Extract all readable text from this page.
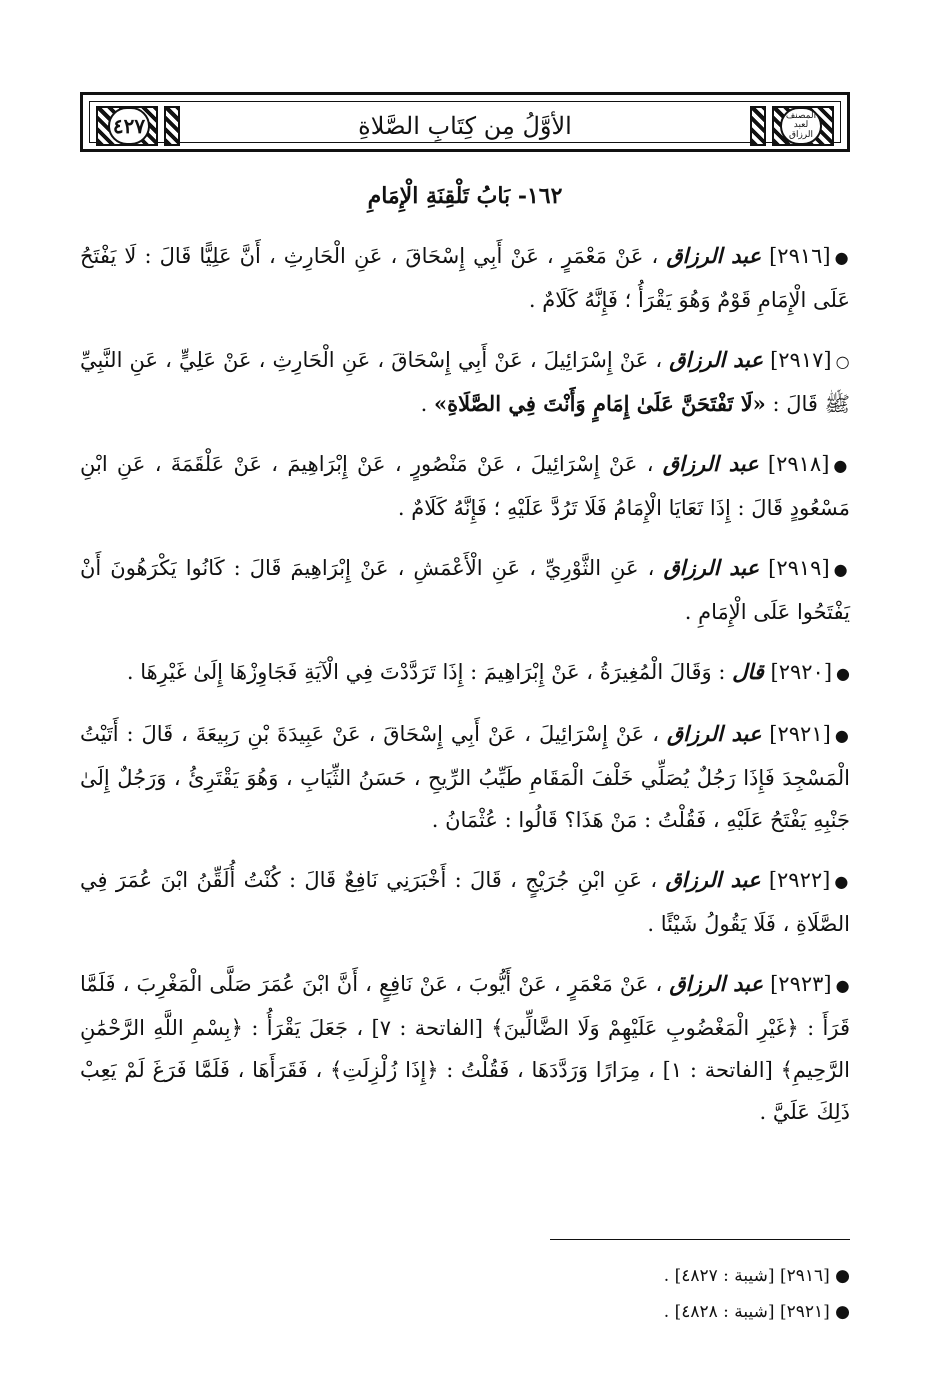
٤٢٧	المصنف لعبد الرزاق
الأوَّلُ مِن كِتَابِ الصَّلاةِ
١٦٢- بَابُ تَلْقِنَةِ الْإِمَامِ

●[٢٩١٦] عبد الرزاق ، عَنْ مَعْمَرٍ ، عَنْ أَبِي إِسْحَاقَ ، عَنِ الْحَارِثِ ، أَنَّ عَلِيًّا قَالَ : لَا يَفْتَحُ عَلَى الْإِمَامِ قَوْمٌ وَهُوَ يَقْرَأُ ؛ فَإِنَّهُ كَلَامٌ .

○[٢٩١٧] عبد الرزاق ، عَنْ إِسْرَائِيلَ ، عَنْ أَبِي إِسْحَاقَ ، عَنِ الْحَارِثِ ، عَنْ عَلِيٍّ ، عَنِ النَّبِيِّ ﷺ قَالَ : «لَا تَفْتَحَنَّ عَلَىٰ إِمَامٍ وَأَنْتَ فِي الصَّلَاةِ» .

●[٢٩١٨] عبد الرزاق ، عَنْ إِسْرَائِيلَ ، عَنْ مَنْصُورٍ ، عَنْ إِبْرَاهِيمَ ، عَنْ عَلْقَمَةَ ، عَنِ ابْنِ مَسْعُودٍ قَالَ : إِذَا تَعَايَا الْإِمَامُ فَلَا تَرُدَّ عَلَيْهِ ؛ فَإِنَّهُ كَلَامٌ .

●[٢٩١٩] عبد الرزاق ، عَنِ الثَّوْرِيِّ ، عَنِ الْأَعْمَشِ ، عَنْ إِبْرَاهِيمَ قَالَ : كَانُوا يَكْرَهُونَ أَنْ يَفْتَحُوا عَلَى الْإِمَامِ .

●[٢٩٢٠] قال : وَقَالَ الْمُغِيرَةُ ، عَنْ إِبْرَاهِيمَ : إِذَا تَرَدَّدْتَ فِي الْآيَةِ فَجَاوِزْهَا إِلَىٰ غَيْرِهَا .

●[٢٩٢١] عبد الرزاق ، عَنْ إِسْرَائِيلَ ، عَنْ أَبِي إِسْحَاقَ ، عَنْ عَبِيدَةَ بْنِ رَبِيعَةَ ، قَالَ : أَتَيْتُ الْمَسْجِدَ فَإِذَا رَجُلٌ يُصَلِّي خَلْفَ الْمَقَامِ طَيِّبُ الرِّيحِ ، حَسَنُ الثِّيَابِ ، وَهُوَ يَقْتَرِئُ ، وَرَجُلٌ إِلَىٰ جَنْبِهِ يَفْتَحُ عَلَيْهِ ، فَقُلْتُ : مَنْ هَذَا؟ قَالُوا : عُثْمَانُ .

●[٢٩٢٢] عبد الرزاق ، عَنِ ابْنِ جُرَيْجٍ ، قَالَ : أَخْبَرَنِي نَافِعٌ قَالَ : كُنْتُ أُلَقِّنُ ابْنَ عُمَرَ فِي الصَّلَاةِ ، فَلَا يَقُولُ شَيْئًا .

●[٢٩٢٣] عبد الرزاق ، عَنْ مَعْمَرٍ ، عَنْ أَيُّوبَ ، عَنْ نَافِعٍ ، أَنَّ ابْنَ عُمَرَ صَلَّى الْمَغْرِبَ ، فَلَمَّا قَرَأَ : ﴿غَيْرِ الْمَغْضُوبِ عَلَيْهِمْ وَلَا الضَّالِّينَ﴾ [الفاتحة : ٧] ، جَعَلَ يَقْرَأُ : ﴿بِسْمِ اللَّهِ الرَّحْمَٰنِ الرَّحِيمِ﴾ [الفاتحة : ١] ، مِرَارًا وَرَدَّدَهَا ، فَقُلْتُ : ﴿إِذَا زُلْزِلَتِ﴾ ، فَقَرَأَهَا ، فَلَمَّا فَرَغَ لَمْ يَعِبْ ذَلِكَ عَلَيَّ .

● [٢٩١٦] [شيبة : ٤٨٢٧] .
● [٢٩٢١] [شيبة : ٤٨٢٨] .
